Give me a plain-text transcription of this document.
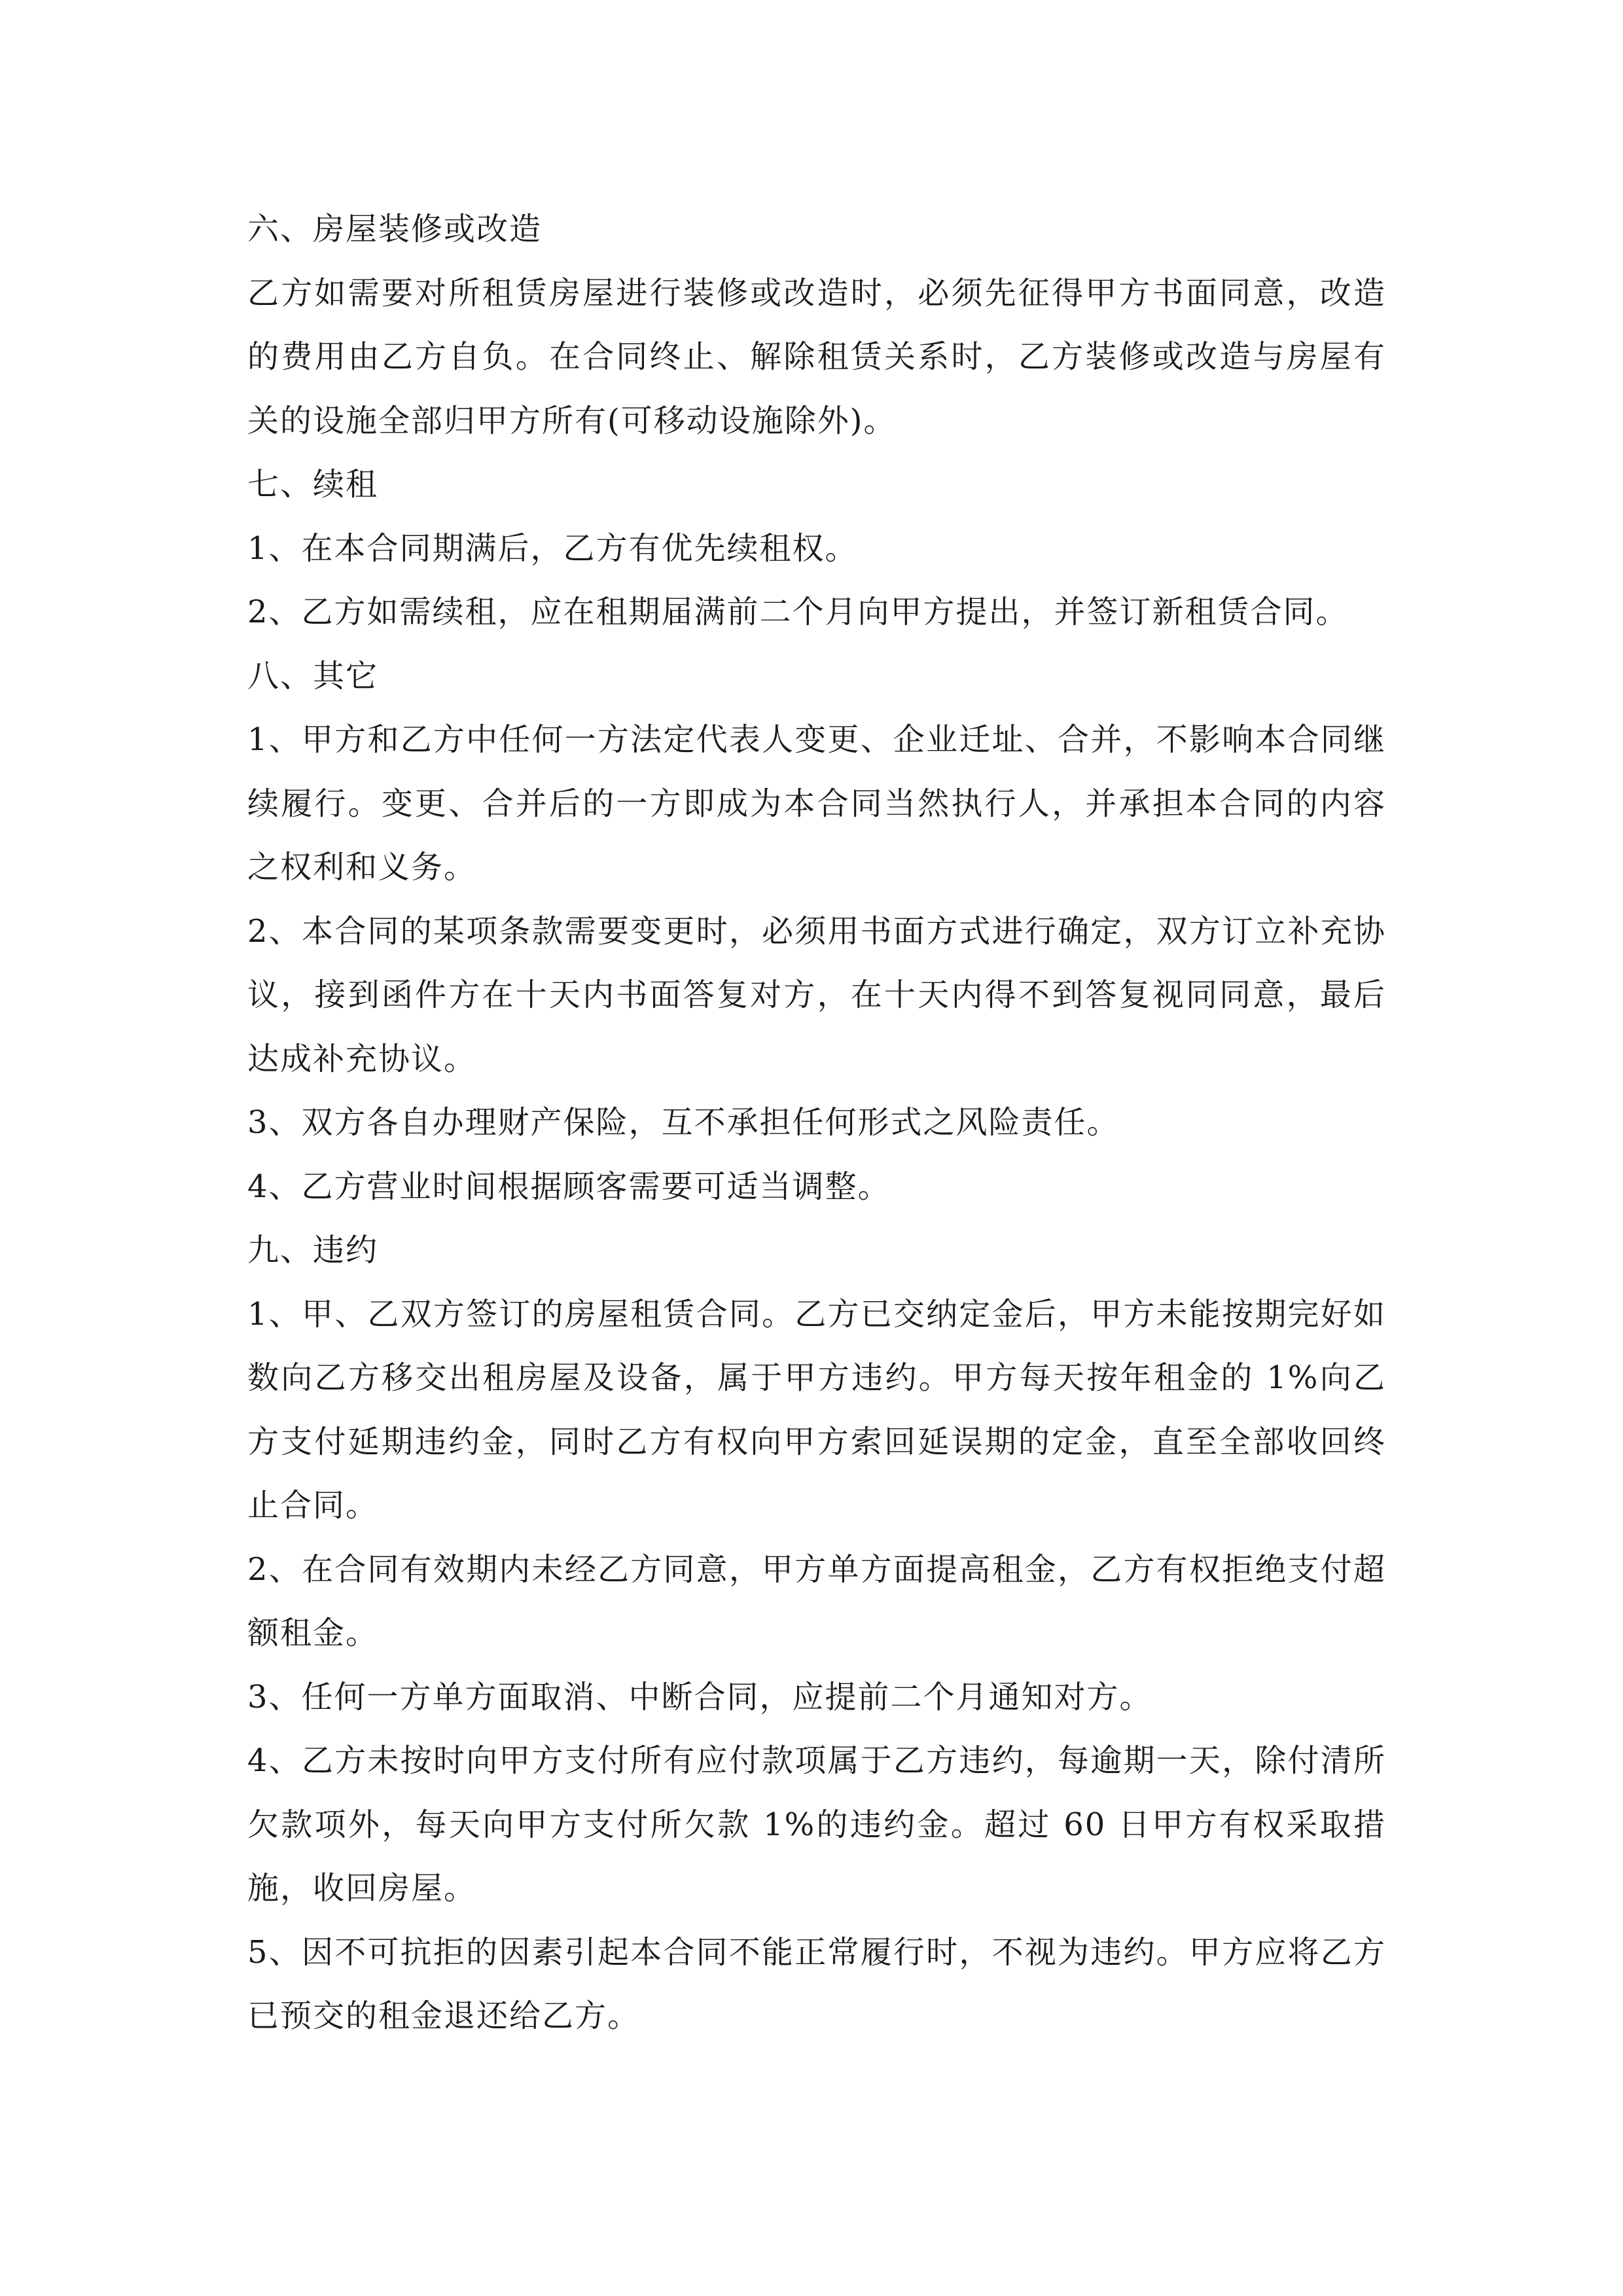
六、房屋装修或改造

乙方如需要对所租赁房屋进行装修或改造时，必须先征得甲方书面同意，改造的费用由乙方自负。在合同终止、解除租赁关系时，乙方装修或改造与房屋有关的设施全部归甲方所有(可移动设施除外)。

七、续租

1、在本合同期满后，乙方有优先续租权。

2、乙方如需续租，应在租期届满前二个月向甲方提出，并签订新租赁合同。

八、其它

1、甲方和乙方中任何一方法定代表人变更、企业迁址、合并，不影响本合同继续履行。变更、合并后的一方即成为本合同当然执行人，并承担本合同的内容之权利和义务。

2、本合同的某项条款需要变更时，必须用书面方式进行确定，双方订立补充协议，接到函件方在十天内书面答复对方，在十天内得不到答复视同同意，最后达成补充协议。

3、双方各自办理财产保险，互不承担任何形式之风险责任。

4、乙方营业时间根据顾客需要可适当调整。

九、违约

1、甲、乙双方签订的房屋租赁合同。乙方已交纳定金后，甲方未能按期完好如数向乙方移交出租房屋及设备，属于甲方违约。甲方每天按年租金的 1%向乙方支付延期违约金，同时乙方有权向甲方索回延误期的定金，直至全部收回终止合同。

2、在合同有效期内未经乙方同意，甲方单方面提高租金，乙方有权拒绝支付超额租金。

3、任何一方单方面取消、中断合同，应提前二个月通知对方。

4、乙方未按时向甲方支付所有应付款项属于乙方违约，每逾期一天，除付清所欠款项外，每天向甲方支付所欠款 1%的违约金。超过 60 日甲方有权采取措施，收回房屋。

5、因不可抗拒的因素引起本合同不能正常履行时，不视为违约。甲方应将乙方已预交的租金退还给乙方。
